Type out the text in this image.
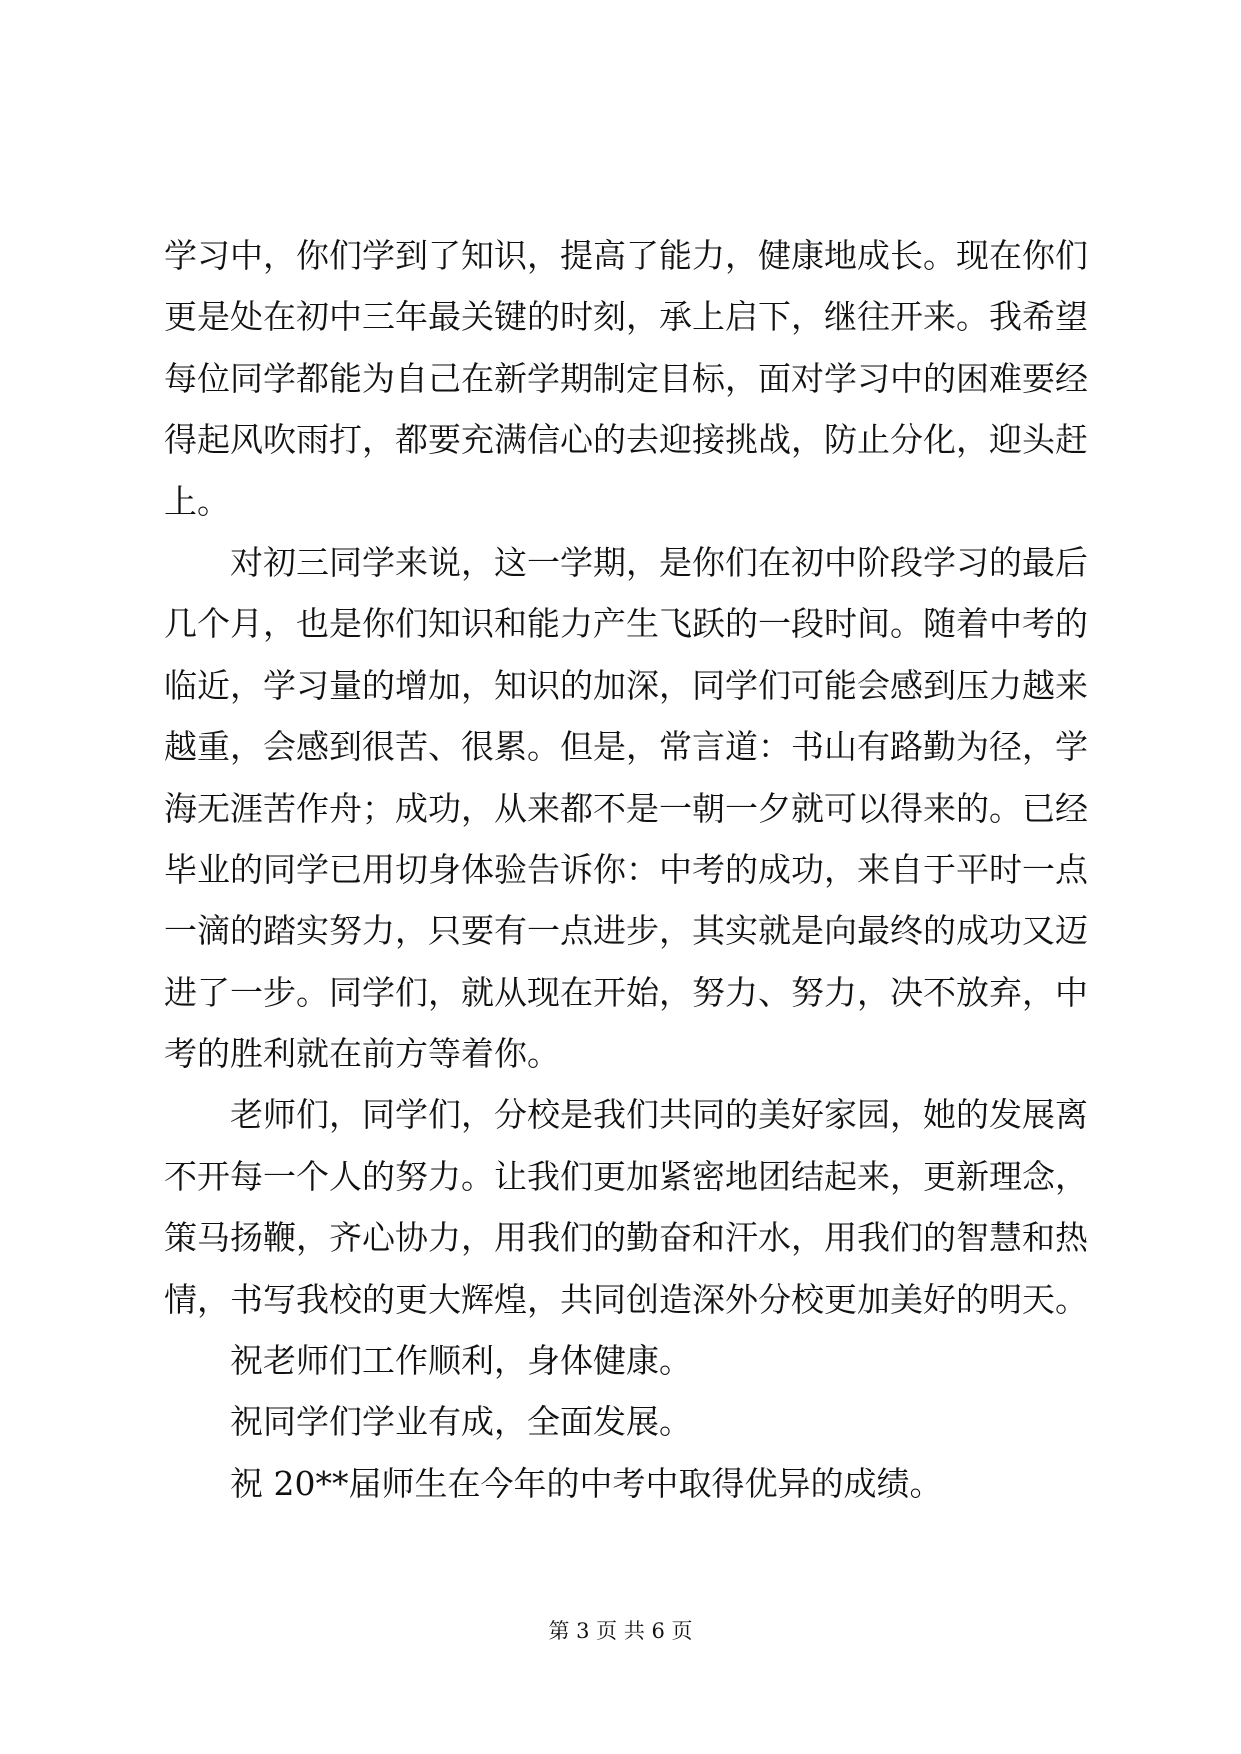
学习中，你们学到了知识，提高了能力，健康地成长。现在你们
更是处在初中三年最关键的时刻，承上启下，继往开来。我希望
每位同学都能为自己在新学期制定目标，面对学习中的困难要经
得起风吹雨打，都要充满信心的去迎接挑战，防止分化，迎头赶
上。
对初三同学来说，这一学期，是你们在初中阶段学习的最后
几个月，也是你们知识和能力产生飞跃的一段时间。随着中考的
临近，学习量的增加，知识的加深，同学们可能会感到压力越来
越重，会感到很苦、很累。但是，常言道：书山有路勤为径，学
海无涯苦作舟；成功，从来都不是一朝一夕就可以得来的。已经
毕业的同学已用切身体验告诉你：中考的成功，来自于平时一点
一滴的踏实努力，只要有一点进步，其实就是向最终的成功又迈
进了一步。同学们，就从现在开始，努力、努力，决不放弃，中
考的胜利就在前方等着你。
老师们，同学们，分校是我们共同的美好家园，她的发展离
不开每一个人的努力。让我们更加紧密地团结起来，更新理念，
策马扬鞭，齐心协力，用我们的勤奋和汗水，用我们的智慧和热
情，书写我校的更大辉煌，共同创造深外分校更加美好的明天。
祝老师们工作顺利，身体健康。
祝同学们学业有成，全面发展。
祝 20**届师生在今年的中考中取得优异的成绩。
第 3 页 共 6 页
